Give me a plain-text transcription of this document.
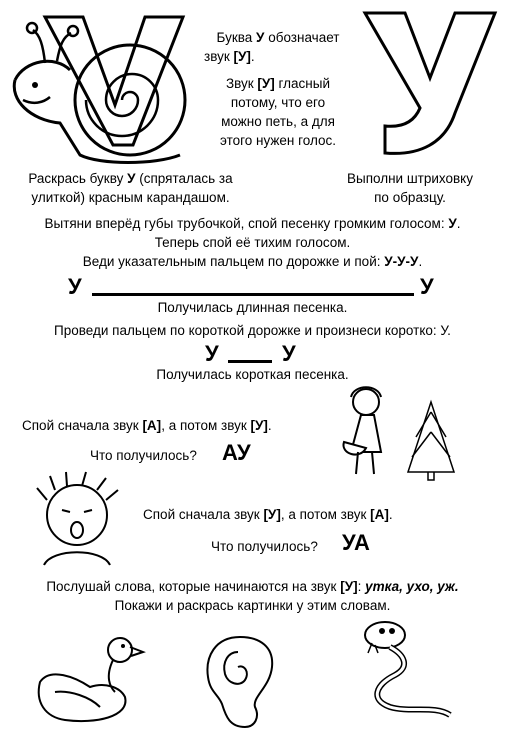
Буква У обозначает
звук [У].
Звук [У] гласный
потому, что его
можно петь, а для
этого нужен голос.
Раскрась букву У (спряталась за
улиткой) красным карандашом.
Выполни штриховку
по образцу.
Вытяни вперёд губы трубочкой, спой песенку громким голосом: У.
Теперь спой её тихим голосом.
Веди указательным пальцем по дорожке и пой: У-У-У.
У	У
Получилась длинная песенка.
Проведи пальцем по короткой дорожке и произнеси коротко: У.
У	У
Получилась короткая песенка.
Спой сначала звук [А], а потом звук [У].
Что получилось? АУ
Спой сначала звук [У], а потом звук [А].
Что получилось? УА
Послушай слова, которые начинаются на звук [У]: утка, ухо, уж.
Покажи и раскрась картинки у этим словам.
